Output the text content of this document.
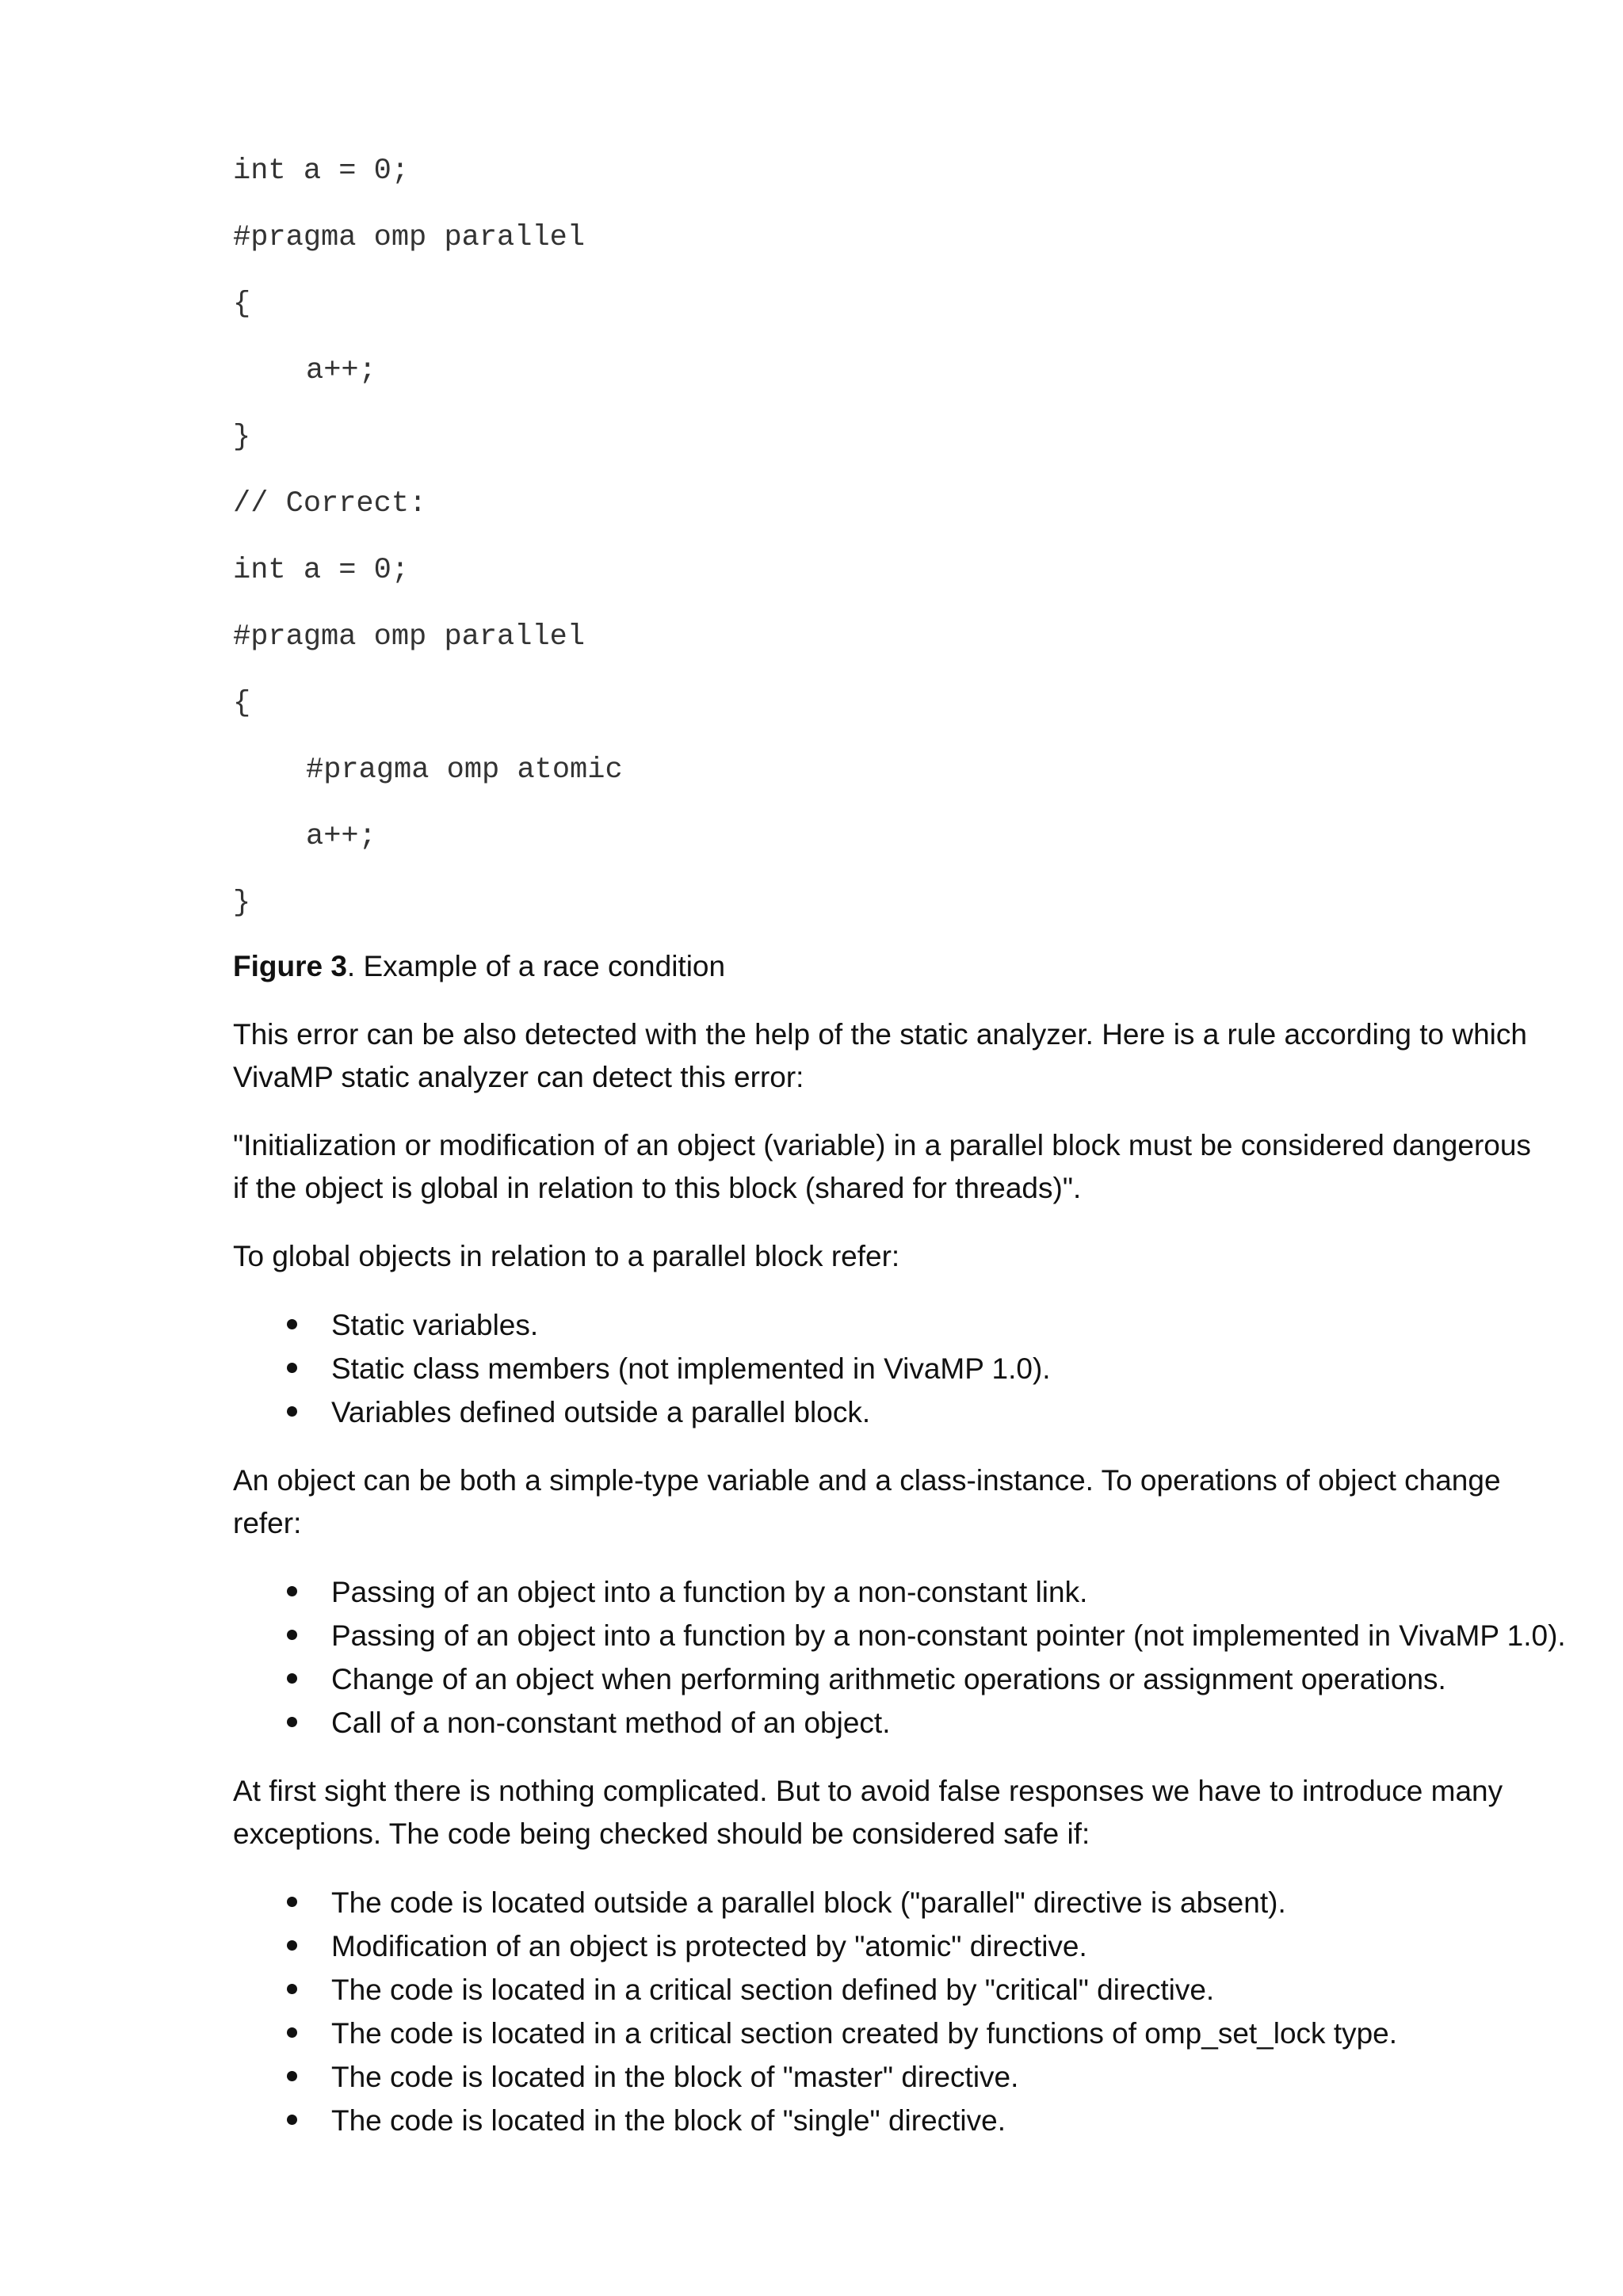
int a = 0;
#pragma omp parallel
{
a++;
}
// Correct:
int a = 0;
#pragma omp parallel
{
#pragma omp atomic
a++;
}

Figure 3. Example of a race condition

This error can be also detected with the help of the static analyzer. Here is a rule according to which VivaMP static analyzer can detect this error:

"Initialization or modification of an object (variable) in a parallel block must be considered dangerous if the object is global in relation to this block (shared for threads)".

To global objects in relation to a parallel block refer:

Static variables.
Static class members (not implemented in VivaMP 1.0).
Variables defined outside a parallel block.

An object can be both a simple-type variable and a class-instance. To operations of object change refer:

Passing of an object into a function by a non-constant link.
Passing of an object into a function by a non-constant pointer (not implemented in VivaMP 1.0).
Change of an object when performing arithmetic operations or assignment operations.
Call of a non-constant method of an object.

At first sight there is nothing complicated. But to avoid false responses we have to introduce many exceptions. The code being checked should be considered safe if:

The code is located outside a parallel block ("parallel" directive is absent).
Modification of an object is protected by "atomic" directive.
The code is located in a critical section defined by "critical" directive.
The code is located in a critical section created by functions of omp_set_lock type.
The code is located in the block of "master" directive.
The code is located in the block of "single" directive.
